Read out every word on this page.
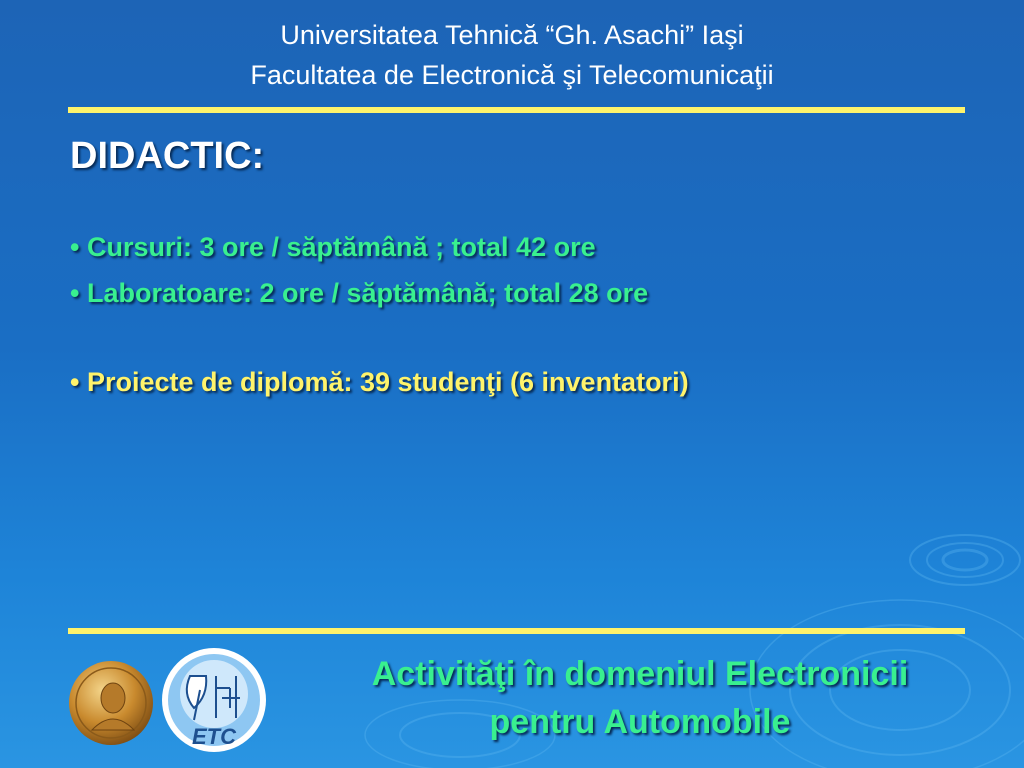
Universitatea Tehnică “Gh. Asachi” Iaşi
Facultatea de Electronică şi Telecomunicaţii
DIDACTIC:
• Cursuri: 3 ore / săptămână ; total 42 ore
• Laboratoare: 2 ore / săptămână; total 28 ore
• Proiecte de diplomă: 39 studenţi (6 inventatori)
ETC
Activităţi în domeniul Electronicii
pentru Automobile
